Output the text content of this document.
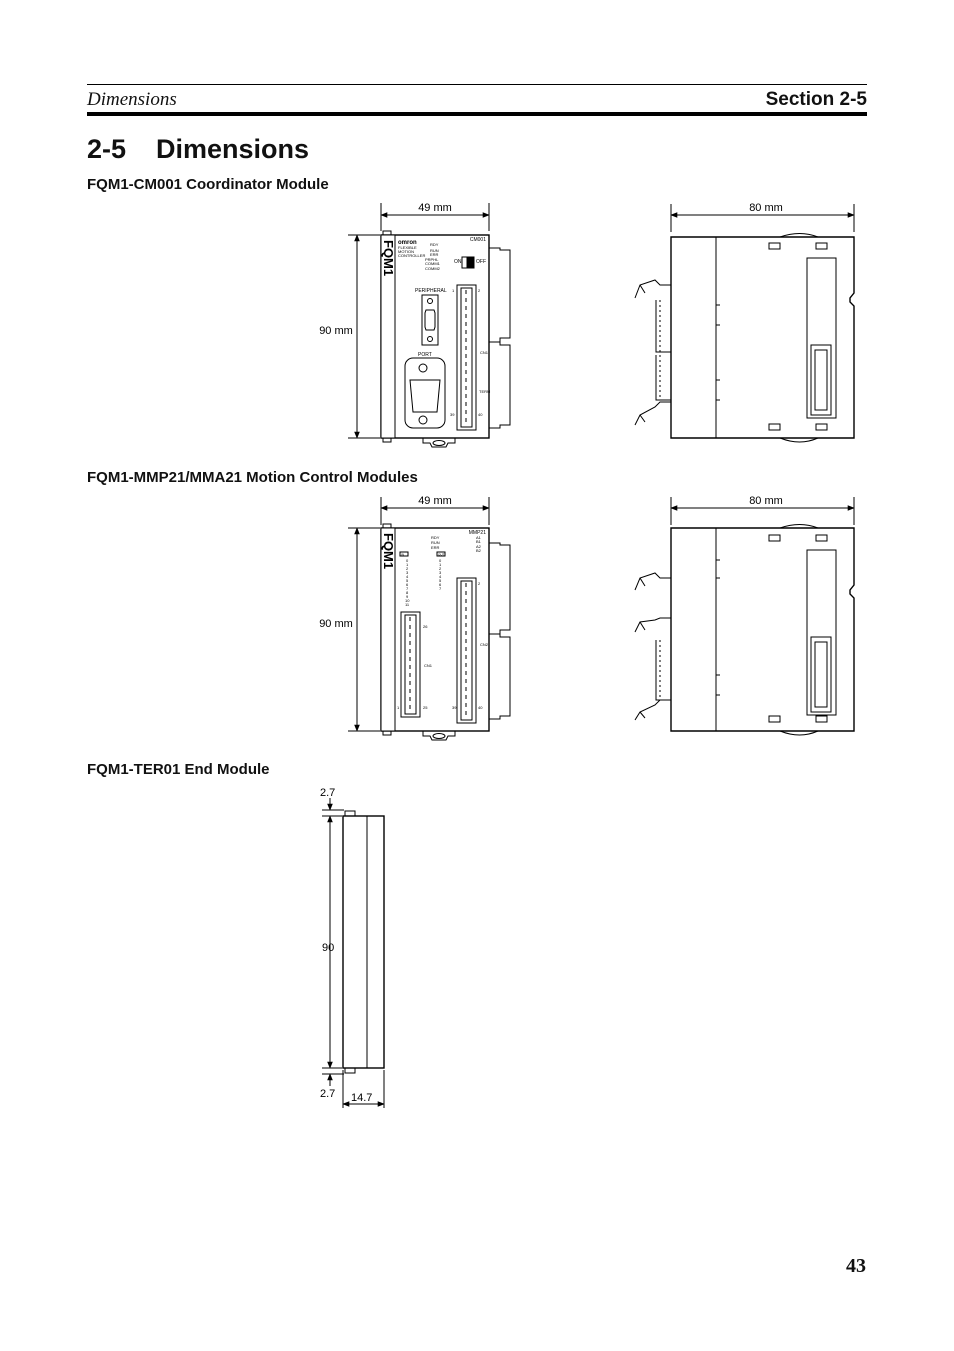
Dimensions	Section 2-5
2-5 Dimensions
FQM1-CM001 Coordinator Module
FQM1-MMP21/MMA21 Motion Control Modules
FQM1-TER01 End Module
43
49 mm
90 mm
FQM1 omron	CM001
FLEXIBLE
MOTION
CONTROLLER
RDY
RUN
ERR
PRPHL
COMM1
COMM2
ON	OFF
PERIPHERAL
PORT	CN1
TERM
1	2
39	40
80 mm
49 mm
90 mm
FQM1	MMP21
RDY
RUN
ERR
A1
B1
A2
B2
IN	OUT
0
1
2
3
4
5
6
7
8
9
10
11
0
1
2
3
4
5
6
7
CN1
CN2
26
1	25	39
2
40
80 mm
2.7
90
2.7 14.7
